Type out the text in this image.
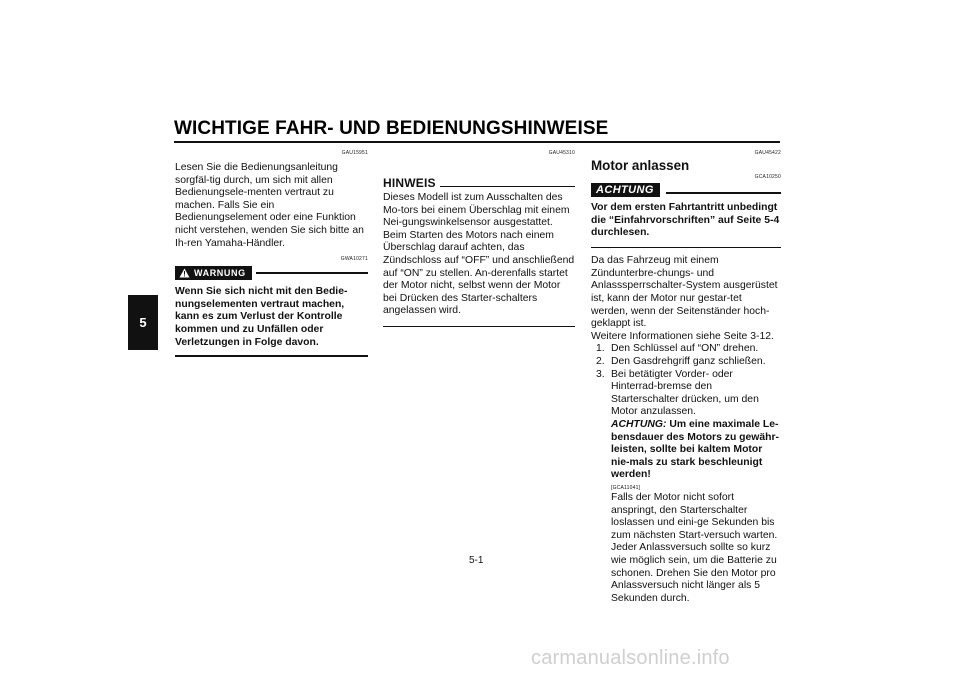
WICHTIGE FAHR- UND BEDIENUNGSHINWEISE
5
GAU15951

Lesen Sie die Bedienungsanleitung sorgfäl-tig durch, um sich mit allen Bedienungsele-menten vertraut zu machen. Falls Sie ein Bedienungselement oder eine Funktion nicht verstehen, wenden Sie sich bitte an Ih-ren Yamaha-Händler.

GWA10271
WARNUNG

Wenn Sie sich nicht mit den Bedie-nungselementen vertraut machen, kann es zum Verlust der Kontrolle kommen und zu Unfällen oder Verletzungen in Folge davon.

GAU45310
HINWEIS

Dieses Modell ist zum Ausschalten des Mo-tors bei einem Überschlag mit einem Nei-gungswinkelsensor ausgestattet. Beim Starten des Motors nach einem Überschlag darauf achten, das Zündschloss auf “OFF” und anschließend auf “ON” zu stellen. An-derenfalls startet der Motor nicht, selbst wenn der Motor bei Drücken des Starter-schalters angelassen wird.

GAU45422
Motor anlassen
GCA10250
ACHTUNG

Vor dem ersten Fahrtantritt unbedingt die “Einfahrvorschriften” auf Seite 5-4 durchlesen.

Da das Fahrzeug mit einem Zündunterbre-chungs- und Anlasssperrschalter-System ausgerüstet ist, kann der Motor nur gestar-tet werden, wenn der Seitenständer hoch-geklappt ist.

Weitere Informationen siehe Seite 3-12.

1. Den Schlüssel auf “ON” drehen.
2. Den Gasdrehgriff ganz schließen.
3. Bei betätigter Vorder- oder Hinterrad-bremse den Starterschalter drücken, um den Motor anzulassen.
ACHTUNG: Um eine maximale Le-bensdauer des Motors zu gewähr-leisten, sollte bei kaltem Motor nie-mals zu stark beschleunigt werden!
[GCA11041]
Falls der Motor nicht sofort anspringt, den Starterschalter loslassen und eini-ge Sekunden bis zum nächsten Start-versuch warten. Jeder Anlassversuch sollte so kurz wie möglich sein, um die Batterie zu schonen. Drehen Sie den Motor pro Anlassversuch nicht länger als 5 Sekunden durch.
5-1
carmanualsonline.info
